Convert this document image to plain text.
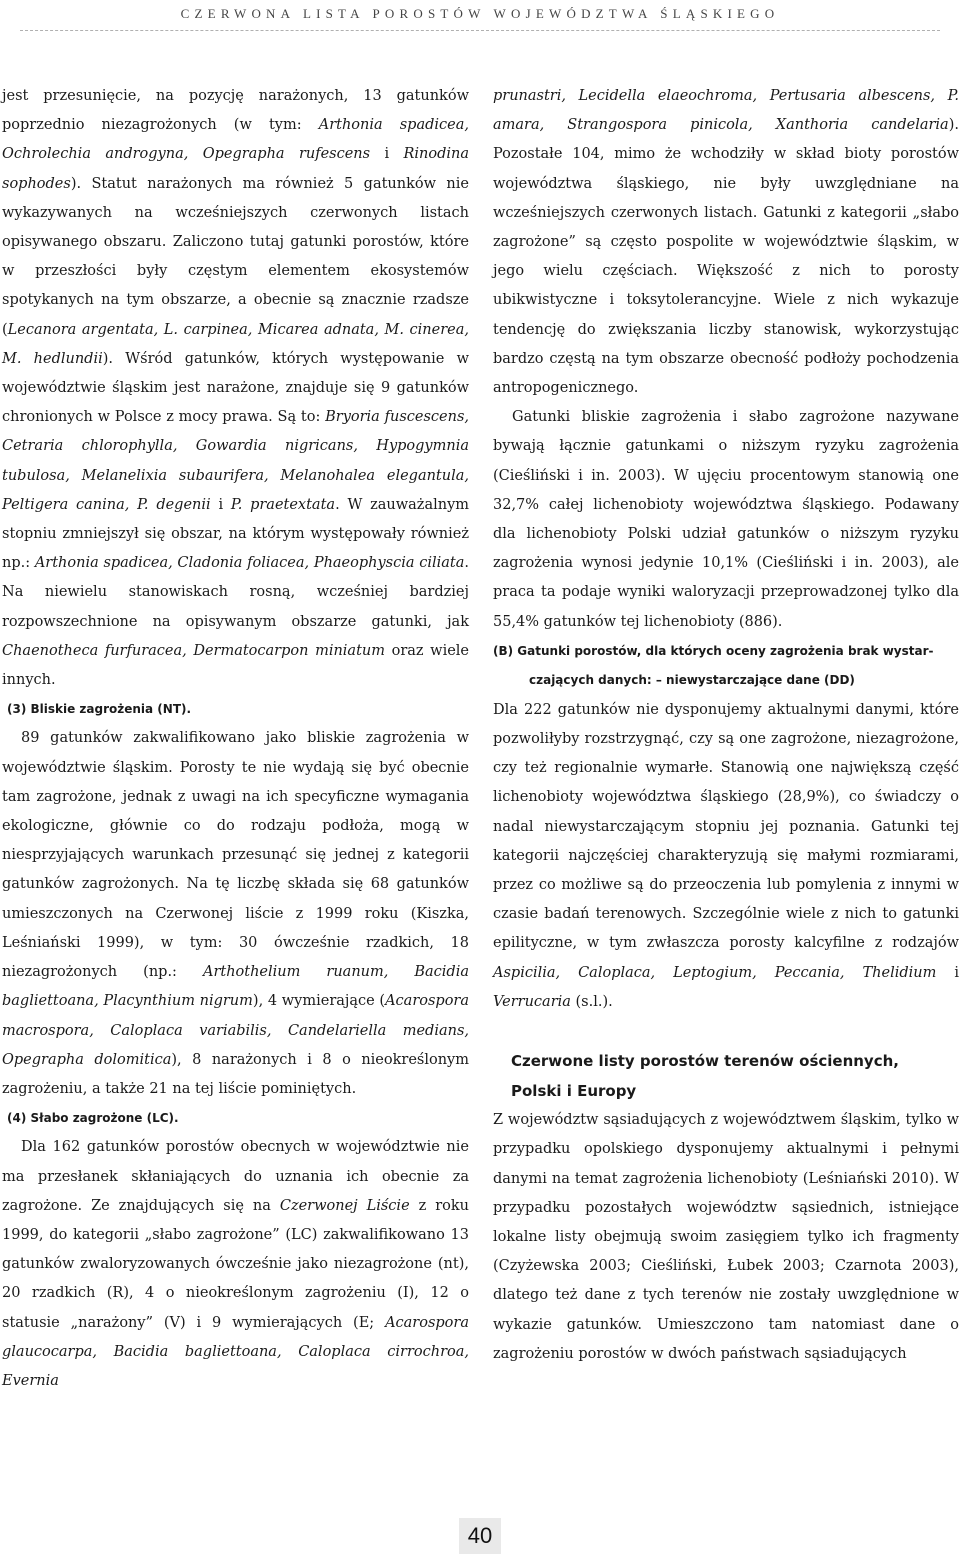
CZERWONA LISTA POROSTÓW WOJEWÓDZTWA ŚLĄSKIEGO

jest przesunięcie, na pozycję narażonych, 13 gatunków poprzednio niezagrożonych (w tym: Arthonia spadicea, Ochrolechia androgyna, Opegrapha rufescens i Rinodina sophodes). Statut narażonych ma również 5 gatunków nie wykazywanych na wcześniejszych czerwonych listach opisywanego obszaru. Zaliczono tutaj gatunki porostów, które w przeszłości były częstym elementem ekosystemów spotykanych na tym obszarze, a obecnie są znacznie rzadsze (Lecanora argentata, L. carpinea, Micarea adnata, M. cinerea, M. hedlundii). Wśród gatunków, których występowanie w województwie śląskim jest narażone, znajduje się 9 gatunków chronionych w Polsce z mocy prawa. Są to: Bryoria fuscescens, Cetraria chlorophylla, Gowardia nigricans, Hypogymnia tubulosa, Melanelixia subaurifera, Melanohalea elegantula, Peltigera canina, P. degenii i P. praetextata. W zauważalnym stopniu zmniejszył się obszar, na którym występowały również np.: Arthonia spadicea, Cladonia foliacea, Phaeophyscia ciliata. Na niewielu stanowiskach rosną, wcześniej bardziej rozpowszechnione na opisywanym obszarze gatunki, jak Chaenotheca furfuracea, Dermatocarpon miniatum oraz wiele innych.

(3) Bliskie zagrożenia (NT).

89 gatunków zakwalifikowano jako bliskie zagrożenia w województwie śląskim. Porosty te nie wydają się być obecnie tam zagrożone, jednak z uwagi na ich specyficzne wymagania ekologiczne, głównie co do rodzaju podłoża, mogą w niesprzyjających warunkach przesunąć się jednej z kategorii gatunków zagrożonych. Na tę liczbę składa się 68 gatunków umieszczonych na Czerwonej liście z 1999 roku (Kiszka, Leśniański 1999), w tym: 30 ówcześnie rzadkich, 18 niezagrożonych (np.: Arthothelium ruanum, Bacidia bagliettoana, Placynthium nigrum), 4 wymierające (Acarospora macrospora, Caloplaca variabilis, Candelariella medians, Opegrapha dolomitica), 8 narażonych i 8 o nieokreślonym zagrożeniu, a także 21 na tej liście pominiętych.

(4) Słabo zagrożone (LC).

Dla 162 gatunków porostów obecnych w województwie nie ma przesłanek skłaniających do uznania ich obecnie za zagrożone. Ze znajdujących się na Czerwonej Liście z roku 1999, do kategorii „słabo zagrożone” (LC) zakwalifikowano 13 gatunków zwaloryzowanych ówcześnie jako niezagrożone (nt), 20 rzadkich (R), 4 o nieokreślonym zagrożeniu (I), 12 o statusie „narażony” (V) i 9 wymierających (E; Acarospora glaucocarpa, Bacidia bagliettoana, Caloplaca cirrochroa, Evernia

prunastri, Lecidella elaeochroma, Pertusaria albescens, P. amara, Strangospora pinicola, Xanthoria candelaria). Pozostałe 104, mimo że wchodziły w skład bioty porostów województwa śląskiego, nie były uwzględniane na wcześniejszych czerwonych listach. Gatunki z kategorii „słabo zagrożone” są często pospolite w województwie śląskim, w jego wielu częściach. Większość z nich to porosty ubikwistyczne i toksytolerancyjne. Wiele z nich wykazuje tendencję do zwiększania liczby stanowisk, wykorzystując bardzo częstą na tym obszarze obecność podłoży pochodzenia antropogenicznego.

Gatunki bliskie zagrożenia i słabo zagrożone nazywane bywają łącznie gatunkami o niższym ryzyku zagrożenia (Cieśliński i in. 2003). W ujęciu procentowym stanowią one 32,7% całej lichenobioty województwa śląskiego. Podawany dla lichenobioty Polski udział gatunków o niższym ryzyku zagrożenia wynosi jedynie 10,1% (Cieśliński i in. 2003), ale praca ta podaje wyniki waloryzacji przeprowadzonej tylko dla 55,4% gatunków tej lichenobioty (886).

(B) Gatunki porostów, dla których oceny zagrożenia brak wystar-
czających danych: – niewystarczające dane (DD)

Dla 222 gatunków nie dysponujemy aktualnymi danymi, które pozwoliłyby rozstrzygnąć, czy są one zagrożone, niezagrożone, czy też regionalnie wymarłe. Stanowią one największą część lichenobioty województwa śląskiego (28,9%), co świadczy o nadal niewystarczającym stopniu jej poznania. Gatunki tej kategorii najczęściej charakteryzują się małymi rozmiarami, przez co możliwe są do przeoczenia lub pomylenia z innymi w czasie badań terenowych. Szczególnie wiele z nich to gatunki epilityczne, w tym zwłaszcza porosty kalcyfilne z rodzajów Aspicilia, Caloplaca, Leptogium, Peccania, Thelidium i Verrucaria (s.l.).

Czerwone listy porostów terenów ościennych,
Polski i Europy

Z województw sąsiadujących z województwem śląskim, tylko w przypadku opolskiego dysponujemy aktualnymi i pełnymi danymi na temat zagrożenia lichenobioty (Leśniański 2010). W przypadku pozostałych województw sąsiednich, istniejące lokalne listy obejmują swoim zasięgiem tylko ich fragmenty (Czyżewska 2003; Cieśliński, Łubek 2003; Czarnota 2003), dlatego też dane z tych terenów nie zostały uwzględnione w wykazie gatunków. Umieszczono tam natomiast dane o zagrożeniu porostów w dwóch państwach sąsiadujących

40
